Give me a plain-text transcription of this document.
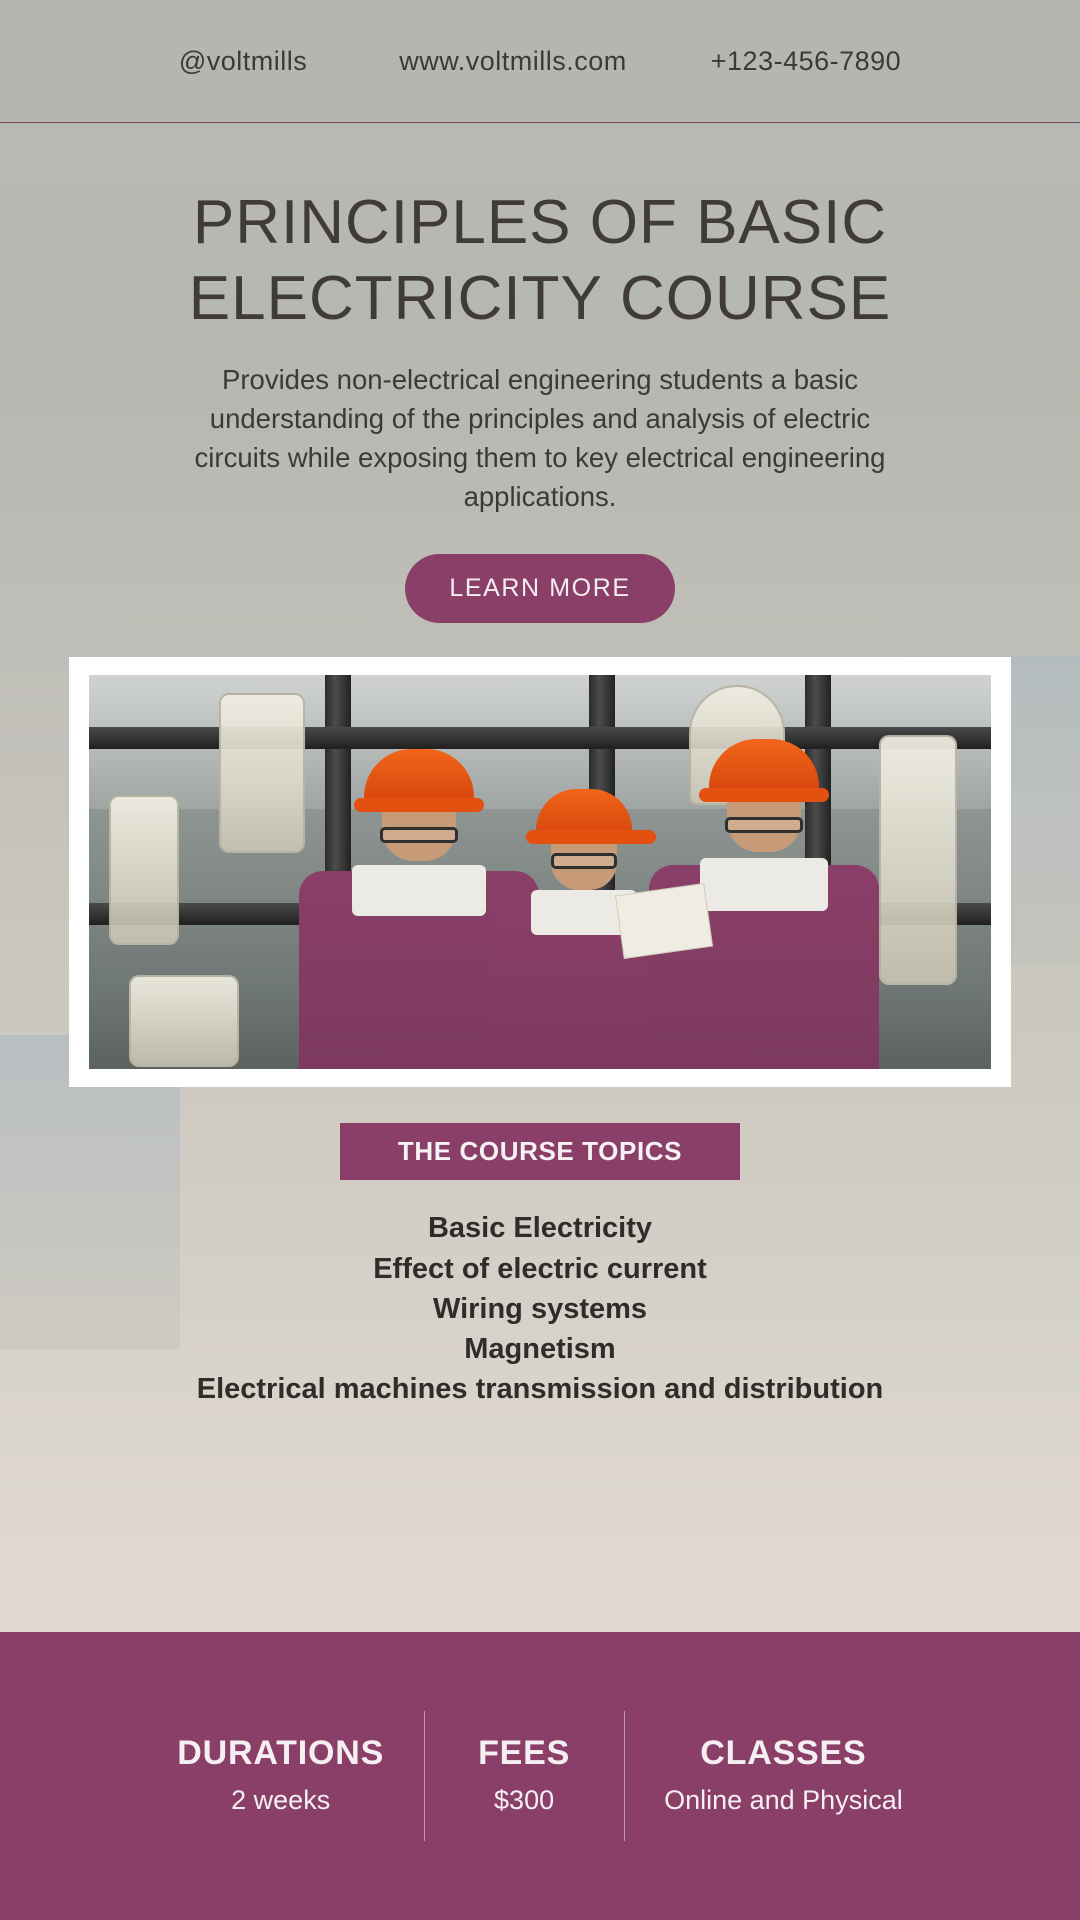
@voltmills	www.voltmills.com	+123-456-7890
PRINCIPLES OF BASIC
ELECTRICITY COURSE

Provides non-electrical engineering students a basic understanding of the principles and analysis of electric circuits while exposing them to key electrical engineering applications.

LEARN MORE
THE COURSE TOPICS
Basic Electricity
Effect of electric current
Wiring systems
Magnetism
Electrical machines transmission and distribution
DURATIONS
2 weeks
FEES
$300
CLASSES
Online and Physical
